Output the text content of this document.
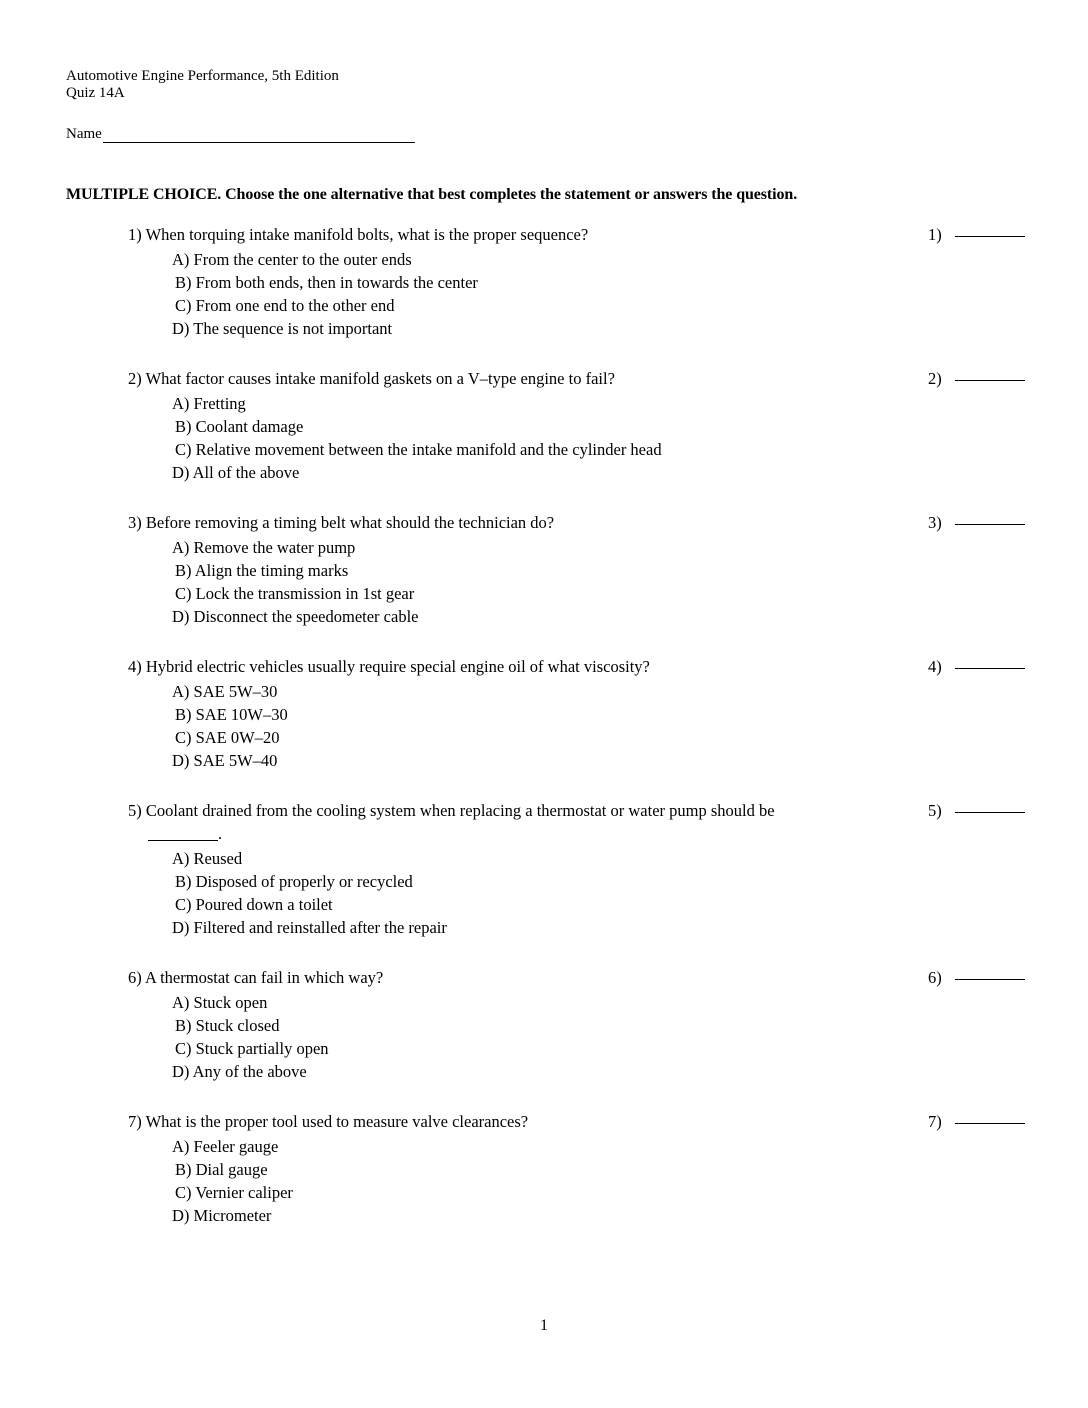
Automotive Engine Performance, 5th Edition
Quiz 14A
Name
MULTIPLE CHOICE. Choose the one alternative that best completes the statement or answers the question.
1) When torquing intake manifold bolts, what is the proper sequence?	1)
A) From the center to the outer ends
B) From both ends, then in towards the center
C) From one end to the other end
D) The sequence is not important
2) What factor causes intake manifold gaskets on a V–type engine to fail?	2)
A) Fretting
B) Coolant damage
C) Relative movement between the intake manifold and the cylinder head
D) All of the above
3) Before removing a timing belt what should the technician do?	3)
A) Remove the water pump
B) Align the timing marks
C) Lock the transmission in 1st gear
D) Disconnect the speedometer cable
4) Hybrid electric vehicles usually require special engine oil of what viscosity?	4)
A) SAE 5W–30
B) SAE 10W–30
C) SAE 0W–20
D) SAE 5W–40
5) Coolant drained from the cooling system when replacing a thermostat or water pump should be
.
5)
A) Reused
B) Disposed of properly or recycled
C) Poured down a toilet
D) Filtered and reinstalled after the repair
6) A thermostat can fail in which way?	6)
A) Stuck open
B) Stuck closed
C) Stuck partially open
D) Any of the above
7) What is the proper tool used to measure valve clearances?	7)
A) Feeler gauge
B) Dial gauge
C) Vernier caliper
D) Micrometer
1
